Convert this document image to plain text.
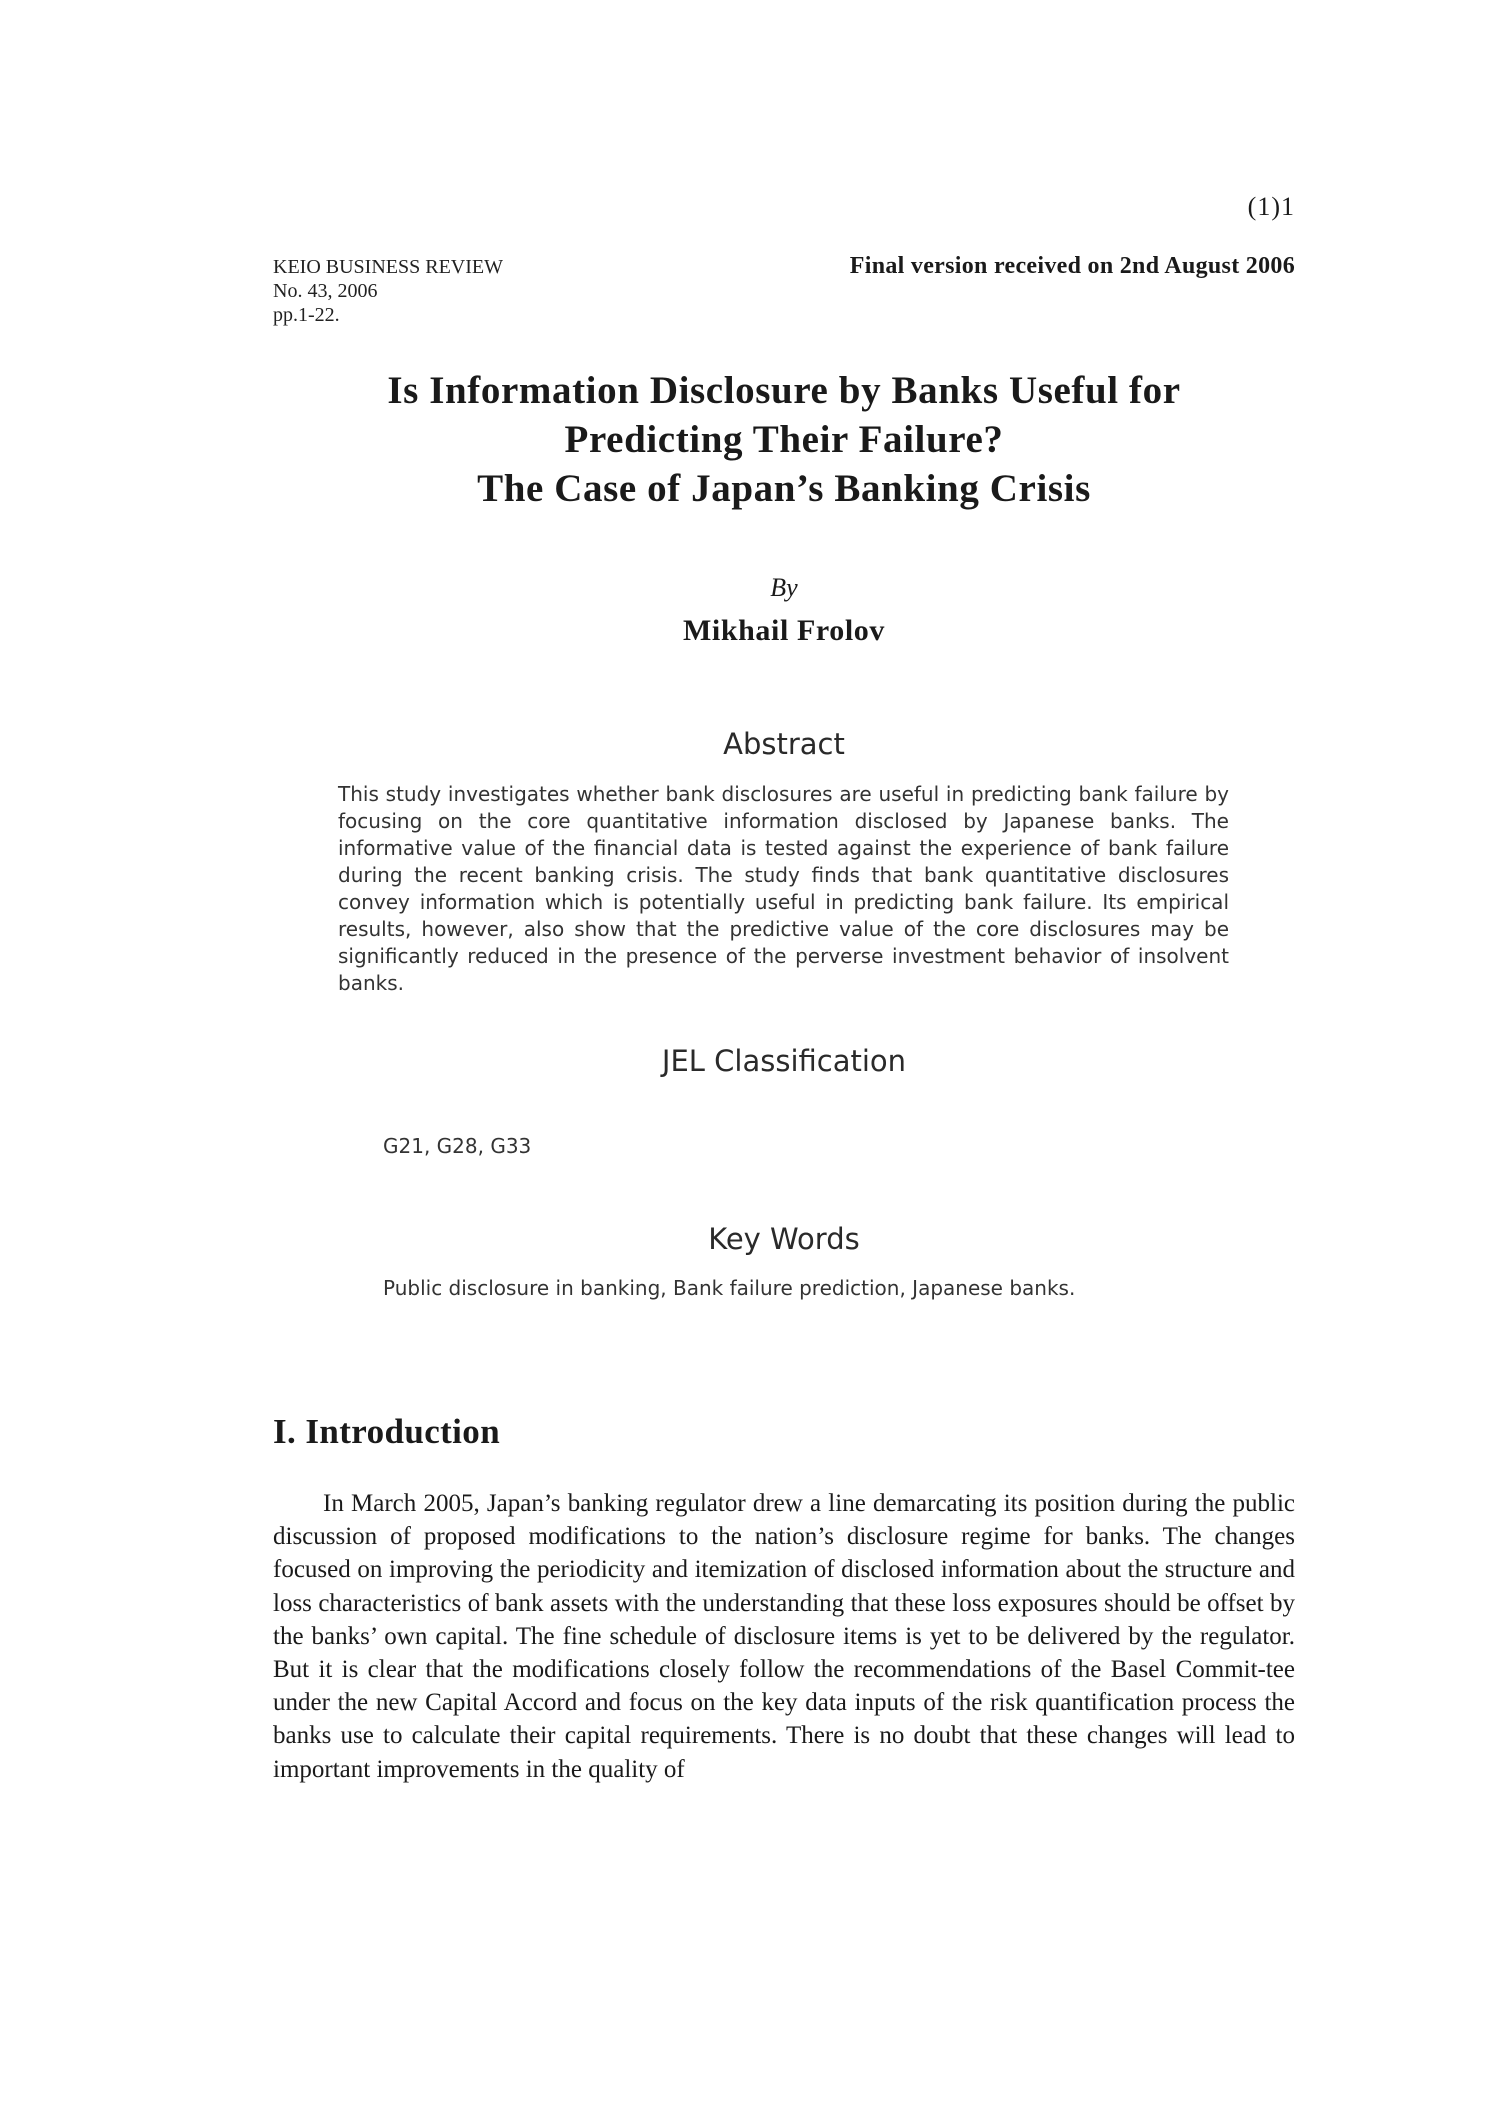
(1)1
KEIO BUSINESS REVIEW
No. 43, 2006
pp.1-22.
Final version received on 2nd August 2006
Is Information Disclosure by Banks Useful for
Predicting Their Failure?
The Case of Japan’s Banking Crisis
By
Mikhail Frolov
Abstract
This study investigates whether bank disclosures are useful in predicting bank failure by focusing on the core quantitative information disclosed by Japanese banks. The informative value of the financial data is tested against the experience of bank failure during the recent banking crisis. The study finds that bank quantitative disclosures convey information which is potentially useful in predicting bank failure. Its empirical results, however, also show that the predictive value of the core disclosures may be significantly reduced in the presence of the perverse investment behavior of insolvent banks.
JEL Classification
G21, G28, G33
Key Words
Public disclosure in banking, Bank failure prediction, Japanese banks.
I. Introduction
In March 2005, Japan’s banking regulator drew a line demarcating its position during the public discussion of proposed modifications to the nation’s disclosure regime for banks. The changes focused on improving the periodicity and itemization of disclosed information about the structure and loss characteristics of bank assets with the understanding that these loss exposures should be offset by the banks’ own capital. The fine schedule of disclosure items is yet to be delivered by the regulator. But it is clear that the modifications closely follow the recommendations of the Basel Commit-tee under the new Capital Accord and focus on the key data inputs of the risk quantification process the banks use to calculate their capital requirements. There is no doubt that these changes will lead to important improvements in the quality of
